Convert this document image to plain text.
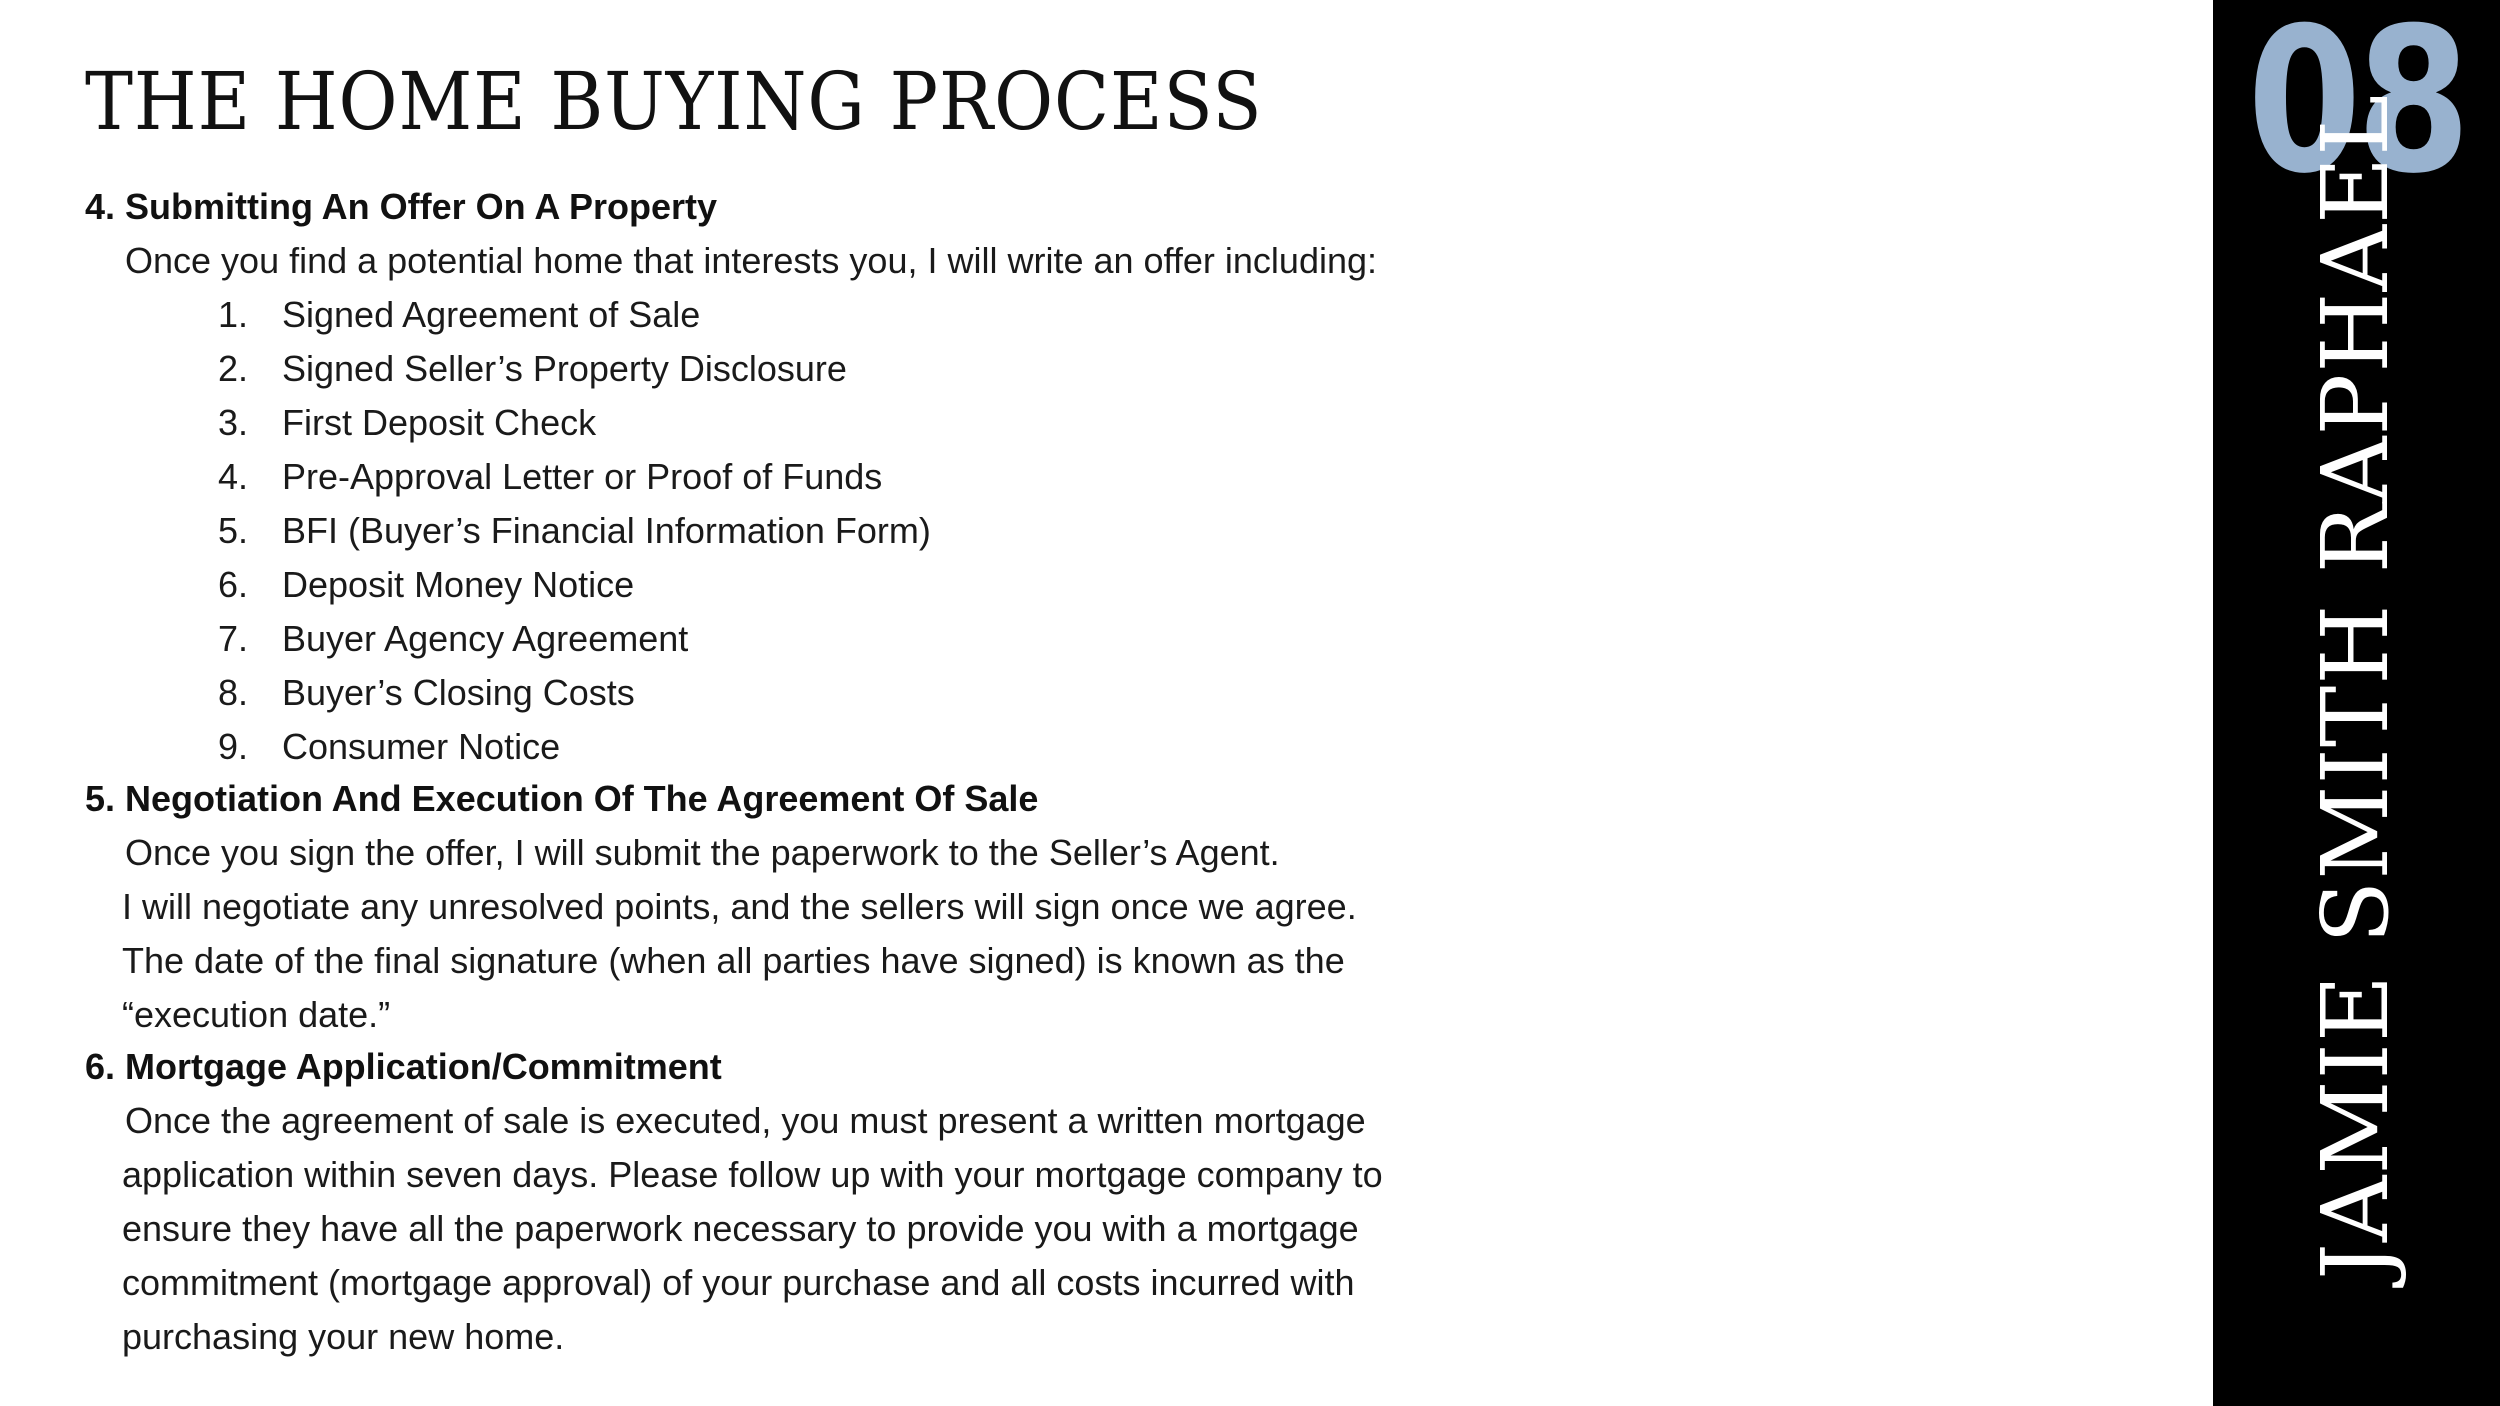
THE HOME BUYING PROCESS

4. Submitting An Offer On A Property

Once you find a potential home that interests you, I will write an offer including:

1. Signed Agreement of Sale
2. Signed Seller’s Property Disclosure
3. First Deposit Check
4. Pre-Approval Letter or Proof of Funds
5. BFI (Buyer’s Financial Information Form)
6. Deposit Money Notice
7. Buyer Agency Agreement
8. Buyer’s Closing Costs
9. Consumer Notice

5. Negotiation And Execution Of The Agreement Of Sale

Once you sign the offer, I will submit the paperwork to the Seller’s Agent.

I will negotiate any unresolved points, and the sellers will sign once we agree.

The date of the final signature (when all parties have signed) is known as the

“execution date.”

6. Mortgage Application/Commitment

Once the agreement of sale is executed, you must present a written mortgage

application within seven days. Please follow up with your mortgage company to

ensure they have all the paperwork necessary to provide you with a mortgage

commitment (mortgage approval) of your purchase and all costs incurred with

purchasing your new home.

08
JAMIE SMITH RAPHAEL
